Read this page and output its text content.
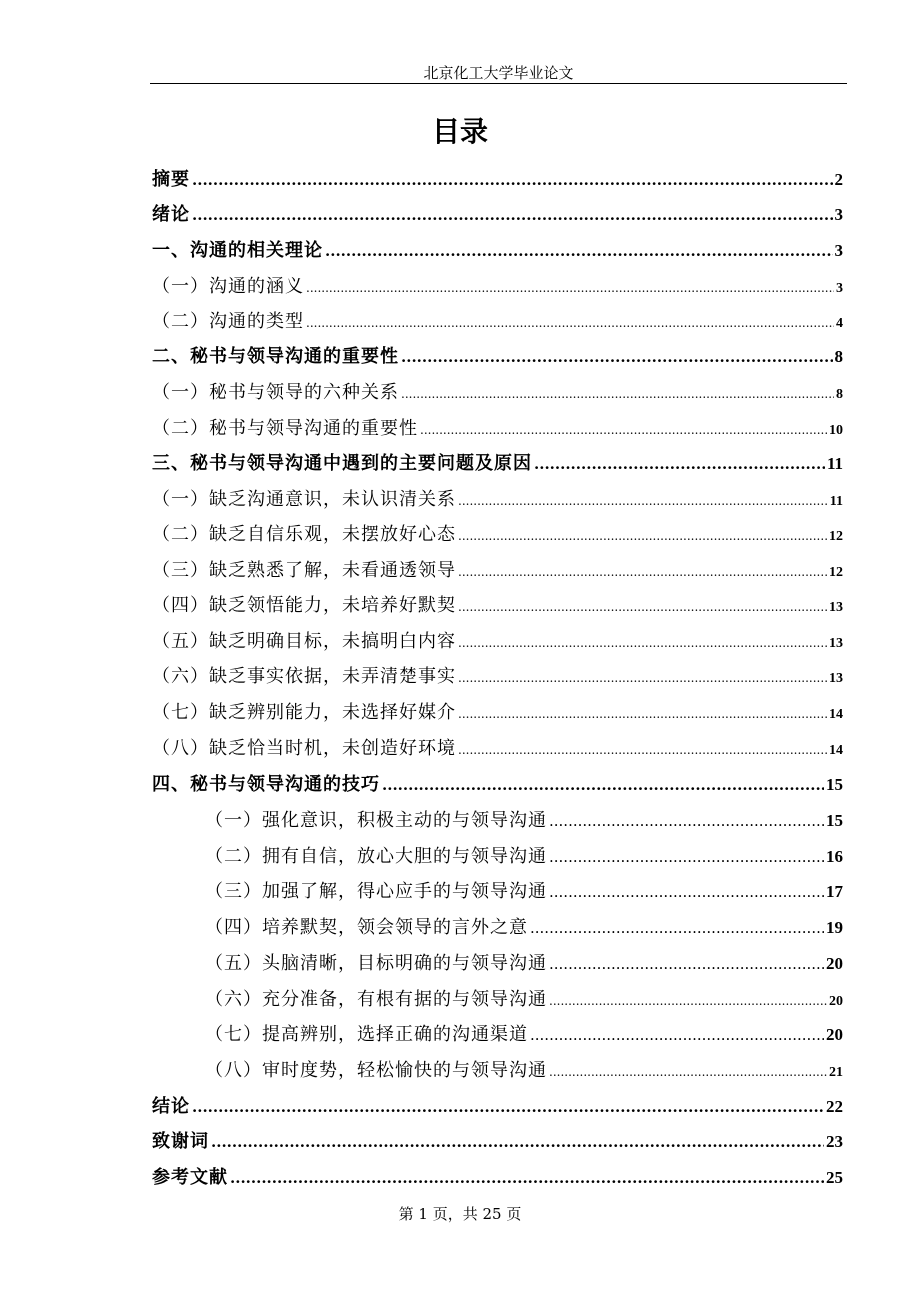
北京化工大学毕业论文
目录
摘要 .....	2
绪论 .....	3
一、沟通的相关理论 .....	3
（一）沟通的涵义 .....	3
（二）沟通的类型 .....	4
二、秘书与领导沟通的重要性 .....	8
（一）秘书与领导的六种关系 .....	8
（二）秘书与领导沟通的重要性 .....	10
三、秘书与领导沟通中遇到的主要问题及原因 .....	11
（一）缺乏沟通意识，未认识清关系 .....	11
（二）缺乏自信乐观，未摆放好心态 .....	12
（三）缺乏熟悉了解，未看通透领导 .....	12
（四）缺乏领悟能力，未培养好默契 .....	13
（五）缺乏明确目标，未搞明白内容 .....	13
（六）缺乏事实依据，未弄清楚事实 .....	13
（七）缺乏辨别能力，未选择好媒介 .....	14
（八）缺乏恰当时机，未创造好环境 .....	14
四、秘书与领导沟通的技巧 .....	15
（一）强化意识，积极主动的与领导沟通 .....	15
（二）拥有自信，放心大胆的与领导沟通 .....	16
（三）加强了解，得心应手的与领导沟通 .....	17
（四）培养默契，领会领导的言外之意 .....	19
（五）头脑清晰，目标明确的与领导沟通 .....	20
（六）充分准备，有根有据的与领导沟通 .....	20
（七）提高辨别，选择正确的沟通渠道 .....	20
（八）审时度势，轻松愉快的与领导沟通 .....	21
结论 .....	22
致谢词 .....	23
参考文献 .....	25
第 1 页，共 25 页
